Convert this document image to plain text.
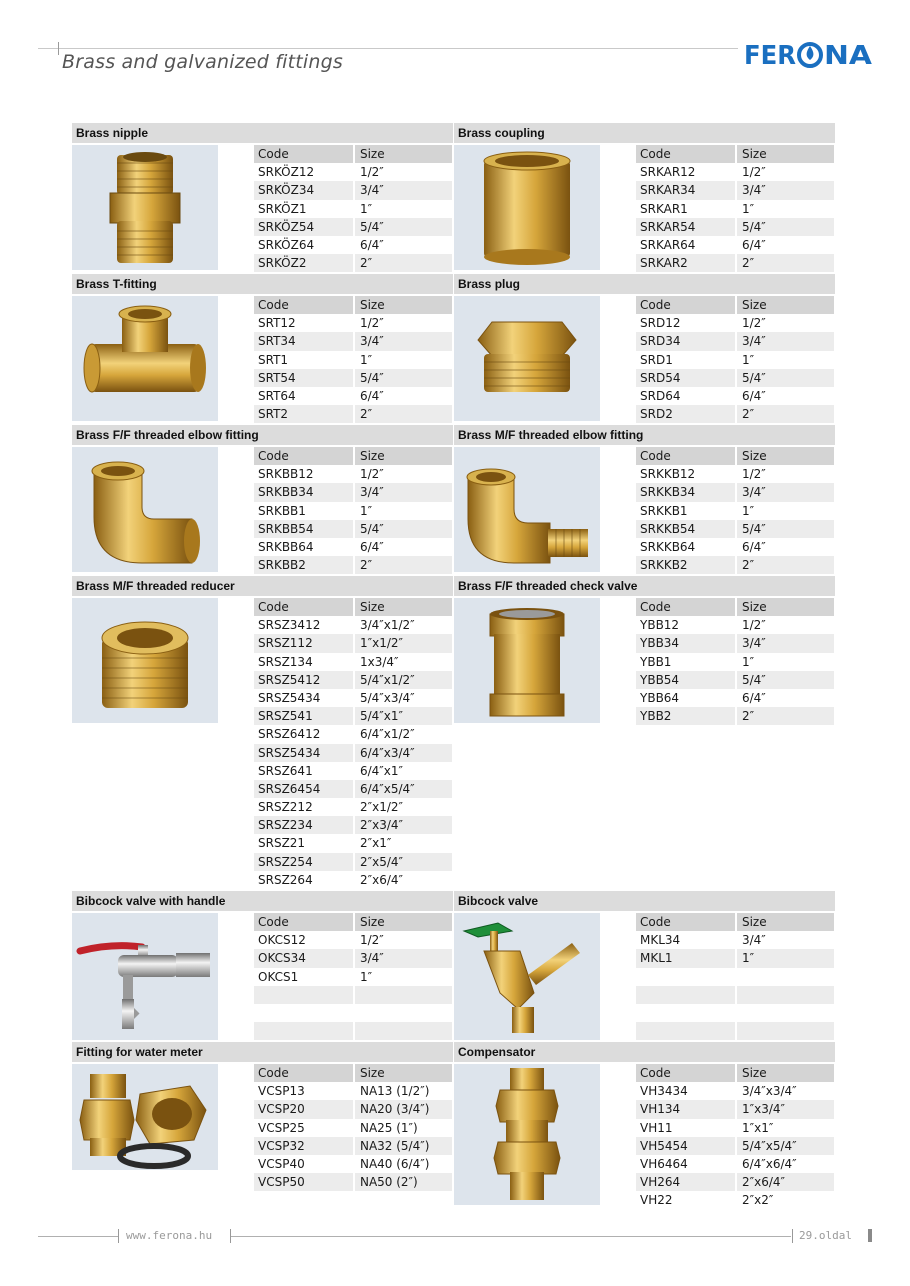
Brass and galvanized fittings	FER NA
Brass nipple
Code	Size
SRKÖZ12	1/2″
SRKÖZ34	3/4″
SRKÖZ1	1″
SRKÖZ54	5/4″
SRKÖZ64	6/4″
SRKÖZ2	2″
Brass coupling
Code	Size
SRKAR12	1/2″
SRKAR34	3/4″
SRKAR1	1″
SRKAR54	5/4″
SRKAR64	6/4″
SRKAR2	2″
Brass T-fitting
Code	Size
SRT12	1/2″
SRT34	3/4″
SRT1	1″
SRT54	5/4″
SRT64	6/4″
SRT2	2″
Brass plug
Code	Size
SRD12	1/2″
SRD34	3/4″
SRD1	1″
SRD54	5/4″
SRD64	6/4″
SRD2	2″
Brass F/F threaded elbow fitting
Code	Size
SRKBB12	1/2″
SRKBB34	3/4″
SRKBB1	1″
SRKBB54	5/4″
SRKBB64	6/4″
SRKBB2	2″
Brass M/F threaded elbow fitting
Code	Size
SRKKB12	1/2″
SRKKB34	3/4″
SRKKB1	1″
SRKKB54	5/4″
SRKKB64	6/4″
SRKKB2	2″
Brass M/F threaded reducer
Code	Size
SRSZ3412	3/4″x1/2″
SRSZ112	1″x1/2″
SRSZ134	1x3/4″
SRSZ5412	5/4″x1/2″
SRSZ5434	5/4″x3/4″
SRSZ541	5/4″x1″
SRSZ6412	6/4″x1/2″
SRSZ5434	6/4″x3/4″
SRSZ641	6/4″x1″
SRSZ6454	6/4″x5/4″
SRSZ212	2″x1/2″
SRSZ234	2″x3/4″
SRSZ21	2″x1″
SRSZ254	2″x5/4″
SRSZ264	2″x6/4″
Brass F/F threaded check valve
Code	Size
YBB12	1/2″
YBB34	3/4″
YBB1	1″
YBB54	5/4″
YBB64	6/4″
YBB2	2″
Bibcock valve with handle
Code	Size
OKCS12	1/2″
OKCS34	3/4″
OKCS1	1″
Bibcock valve
Code	Size
MKL34	3/4″
MKL1	1″
Fitting for water meter
Code	Size
VCSP13	NA13 (1/2″)
VCSP20	NA20 (3/4″)
VCSP25	NA25 (1″)
VCSP32	NA32 (5/4″)
VCSP40	NA40 (6/4″)
VCSP50	NA50 (2″)
Compensator
Code	Size
VH3434	3/4″x3/4″
VH134	1″x3/4″
VH11	1″x1″
VH5454	5/4″x5/4″
VH6464	6/4″x6/4″
VH264	2″x6/4″
VH22	2″x2″
www.ferona.hu	29.oldal
